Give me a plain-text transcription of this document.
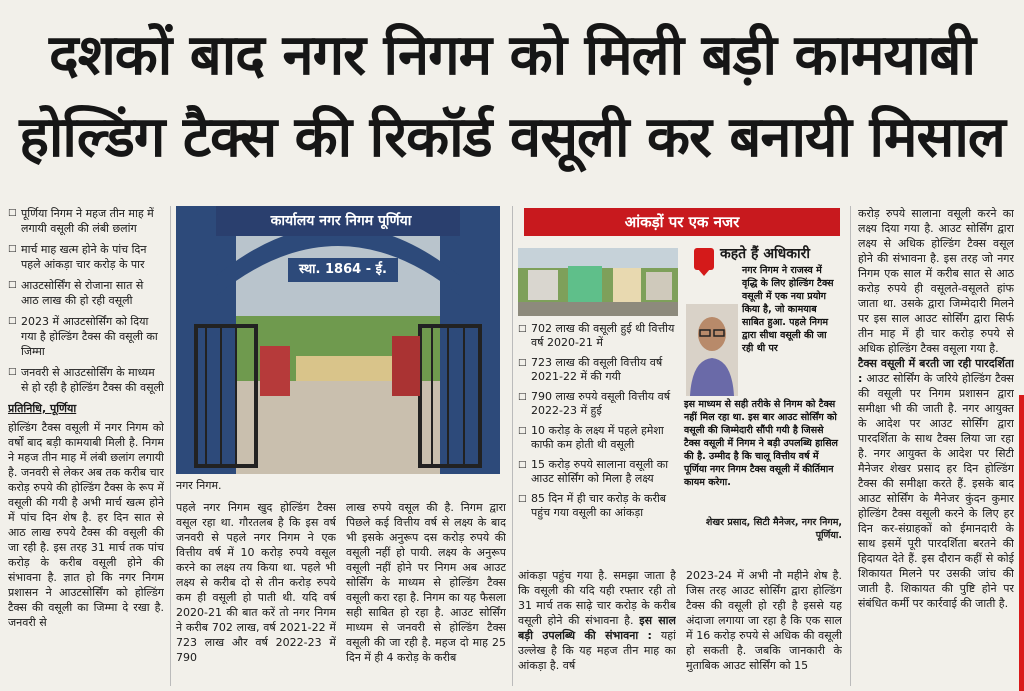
दशकों बाद नगर निगम को मिली बड़ी कामयाबी
होल्डिंग टैक्स की रिकॉर्ड वसूली कर बनायी मिसाल
□ पूर्णिया निगम ने महज तीन माह में लगायी वसूली की लंबी छलांग
□ मार्च माह खत्म होने के पांच दिन पहले आंकड़ा चार करोड़ के पार
□ आउटसोर्सिंग से रोजाना सात से आठ लाख की हो रही वसूली
□ 2023 में आउटसोर्सिंग को दिया गया है होल्डिंग टैक्स की वसूली का जिम्मा
□ जनवरी से आउटसोर्सिंग के माध्यम से हो रही है होल्डिंग टैक्स की वसूली
प्रतिनिधि, पूर्णिया

होल्डिंग टैक्स वसूली में नगर निगम को वर्षों बाद बड़ी कामयाबी मिली है. निगम ने महज तीन माह में लंबी छलांग लगायी है. जनवरी से लेकर अब तक करीब चार करोड़ रुपये की होल्डिंग टैक्स के रूप में वसूली की गयी है अभी मार्च खत्म होने में पांच दिन शेष है. हर दिन सात से आठ लाख रुपये टैक्स की वसूली की जा रही है. इस तरह 31 मार्च तक पांच करोड़ के करीब वसूली होने की संभावना है. ज्ञात हो कि नगर निगम प्रशासन ने आउटसोर्सिंग को होल्डिंग टैक्स की वसूली का जिम्मा दे रखा है. जनवरी से

कार्यालय नगर निगम पूर्णिया
स्था. 1864 - ई.
नगर निगम.

पहले नगर निगम खुद होल्डिंग टैक्स वसूल रहा था. गौरतलब है कि इस वर्ष जनवरी से पहले नगर निगम ने एक वित्तीय वर्ष में 10 करोड़ रुपये वसूल करने का लक्ष्य तय किया था. पहले भी लक्ष्य से करीब दो से तीन करोड़ रुपये कम ही वसूली हो पाती थी. यदि वर्ष 2020-21 की बात करें तो नगर निगम ने करीब 702 लाख, वर्ष 2021-22 में 723 लाख और वर्ष 2022-23 में 790

लाख रुपये वसूल की है. निगम द्वारा पिछले कई वित्तीय वर्ष से लक्ष्य के बाद भी इसके अनुरूप दस करोड़ रुपये की वसूली नहीं हो पायी. लक्ष्य के अनुरूप वसूली नहीं होने पर निगम अब आउट सोर्सिंग के माध्यम से होल्डिंग टैक्स वसूली करा रहा है. निगम का यह फैसला सही साबित हो रहा है. आउट सोर्सिंग माध्यम से जनवरी से होल्डिंग टैक्स वसूली की जा रही है. महज दो माह 25 दिन में ही 4 करोड़ के करीब

आंकड़ों पर एक नजर
□ 702 लाख की वसूली हुई थी वित्तीय वर्ष 2020-21 में
□ 723 लाख की वसूली वित्तीय वर्ष 2021-22 में की गयी
□ 790 लाख रुपये वसूली वित्तीय वर्ष 2022-23 में हुई
□ 10 करोड़ के लक्ष्य में पहले हमेशा काफी कम होती थी वसूली
□ 15 करोड़ रुपये सालाना वसूली का आउट सोर्सिंग को मिला है लक्ष्य
□ 85 दिन में ही चार करोड़ के करीब पहुंच गया वसूली का आंकड़ा
कहते हैं अधिकारी
नगर निगम ने राजस्व में वृद्धि के लिए होल्डिंग टैक्स वसूली में एक नया प्रयोग किया है, जो कामयाब साबित हुआ. पहले निगम द्वारा सीधा वसूली की जा रही थी पर
इस माध्यम से सही तरीके से निगम को टैक्स नहीं मिल रहा था. इस बार आउट सोर्सिंग को वसूली की जिम्मेदारी सौंपी गयी है जिससे टैक्स वसूली में निगम ने बड़ी उपलब्धि हासिल की है. उम्मीद है कि चालू वित्तीय वर्ष में पूर्णिया नगर निगम टैक्स वसूली में कीर्तिमान कायम करेगा.
शेखर प्रसाद, सिटी मैनेजर, नगर निगम, पूर्णिया.

आंकड़ा पहुंच गया है. समझा जाता है कि वसूली की यदि यही रफ्तार रही तो 31 मार्च तक साढ़े चार करोड़ के करीब वसूली होने की संभावना है. इस साल बड़ी उपलब्धि की संभावना : यहां उल्लेख है कि यह महज तीन माह का आंकड़ा है. वर्ष

2023-24 में अभी नौ महीने शेष है. जिस तरह आउट सोर्सिंग द्वारा होल्डिंग टैक्स की वसूली हो रही है इससे यह अंदाजा लगाया जा रहा है कि एक साल में 16 करोड़ रुपये से अधिक की वसूली हो सकती है. जबकि जानकारी के मुताबिक आउट सोर्सिंग को 15

करोड़ रुपये सालाना वसूली करने का लक्ष्य दिया गया है. आउट सोर्सिंग द्वारा लक्ष्य से अधिक होल्डिंग टैक्स वसूल होने की संभावना है. इस तरह जो नगर निगम एक साल में करीब सात से आठ करोड़ रुपये ही वसूलते-वसूलते हांफ जाता था. उसके द्वारा जिम्मेदारी मिलने पर इस साल आउट सोर्सिंग द्वारा सिर्फ तीन माह में ही चार करोड़ रुपये से अधिक होल्डिंग टैक्स वसूला गया है.

टैक्स वसूली में बरती जा रही पारदर्शिता : आउट सोर्सिंग के जरिये होल्डिंग टैक्स की वसूली पर निगम प्रशासन द्वारा समीक्षा भी की जाती है. नगर आयुक्त के आदेश पर आउट सोर्सिंग द्वारा पारदर्शिता के साथ टैक्स लिया जा रहा है. नगर आयुक्त के आदेश पर सिटी मैनेजर शेखर प्रसाद हर दिन होल्डिंग टैक्स की समीक्षा करते हैं. इसके बाद आउट सोर्सिंग के मैनेजर कुंदन कुमार होल्डिंग टैक्स वसूली करने के लिए हर दिन कर-संग्राहकों को ईमानदारी के साथ इसमें पूरी पारदर्शिता बरतने की हिदायत देते हैं. इस दौरान कहीं से कोई शिकायत मिलने पर उसकी जांच की जाती है. शिकायत की पुष्टि होने पर संबंधित कर्मी पर कार्रवाई की जाती है.
